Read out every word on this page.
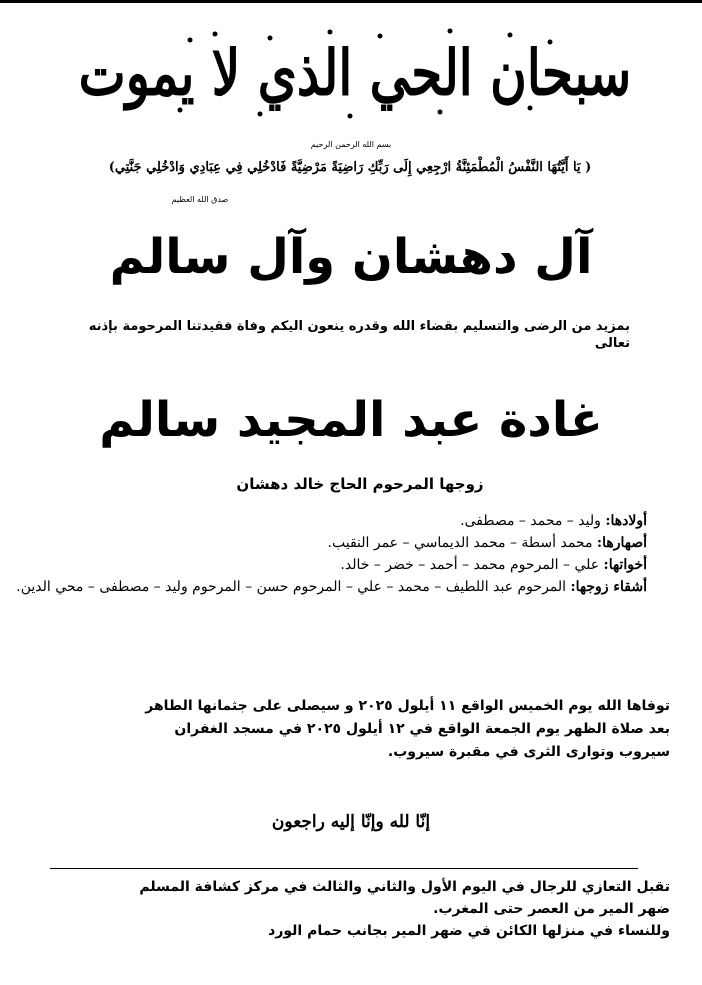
سبحان الحي الذي لا يموت
بسم الله الرحمن الرحيم
( يَا أَيَّتُهَا النَّفْسُ الْمُطْمَئِنَّةُ ارْجِعِي إِلَى رَبِّكِ رَاضِيَةً مَرْضِيَّةً فَادْخُلِي فِي عِبَادِي وَادْخُلِي جَنَّتِي)
صدق الله العظيم
آل دهشان وآل سالم
بمزيد من الرضى والتسليم بقضاء الله وقدره ينعون اليكم وفاة فقيدتنا المرحومة بإذنه تعالى
غادة عبد المجيد سالم
زوجها المرحوم الحاج خالد دهشان
أولادها: وليد – محمد – مصطفى.
أصهارها: محمد أسطة – محمد الديماسي – عمر النقيب.
أخواتها: علي – المرحوم محمد – أحمد – خضر – خالد.
أشقاء زوجها: المرحوم عبد اللطيف – محمد – علي – المرحوم حسن – المرحوم وليد – مصطفى – محي الدين.
توفاها الله يوم الخميس الواقع ١١ أيلول ٢٠٢٥ و سيصلى على جثمانها الطاهر
بعد صلاة الظهر يوم الجمعة الواقع في ١٢ أيلول ٢٠٢٥ في مسجد الغفران
سيروب وتوارى الثرى في مقبرة سيروب.
إنّا لله وإنّا إليه راجعون
تقبل التعازي للرجال في اليوم الأول والثاني والثالث في مركز كشافة المسلم
ضهر المير من العصر حتى المغرب.
وللنساء في منزلها الكائن في ضهر المير بجانب حمام الورد
